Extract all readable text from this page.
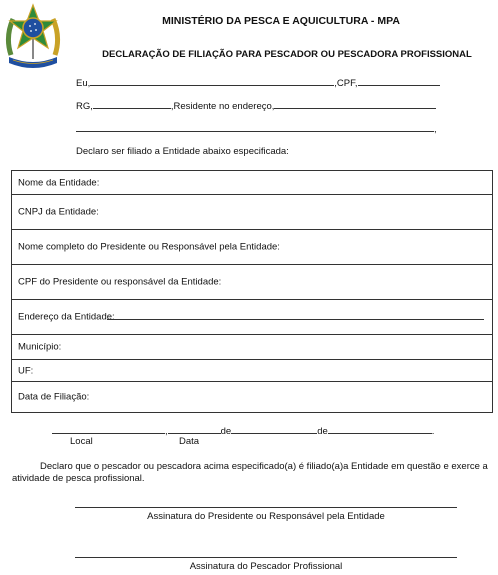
MINISTÉRIO DA PESCA E AQUICULTURA - MPA
DECLARAÇÃO DE FILIAÇÃO PARA PESCADOR OU PESCADORA PROFISSIONAL
Eu,	,CPF,
RG,	,Residente no endereço,
,
Declaro ser filiado a Entidade abaixo especificada:
Nome da Entidade:
CNPJ da Entidade:
Nome completo do Presidente ou Responsável pela Entidade:
CPF do Presidente ou responsável da Entidade:
Endereço da Entidade:
Município:
UF:
Data de Filiação:
,	de	de	.
Local	Data
Declaro que o pescador ou pescadora acima especificado(a) é filiado(a)a Entidade em questão e exerce a
atividade de pesca profissional.
Assinatura do Presidente ou Responsável pela Entidade
Assinatura do Pescador Profissional
